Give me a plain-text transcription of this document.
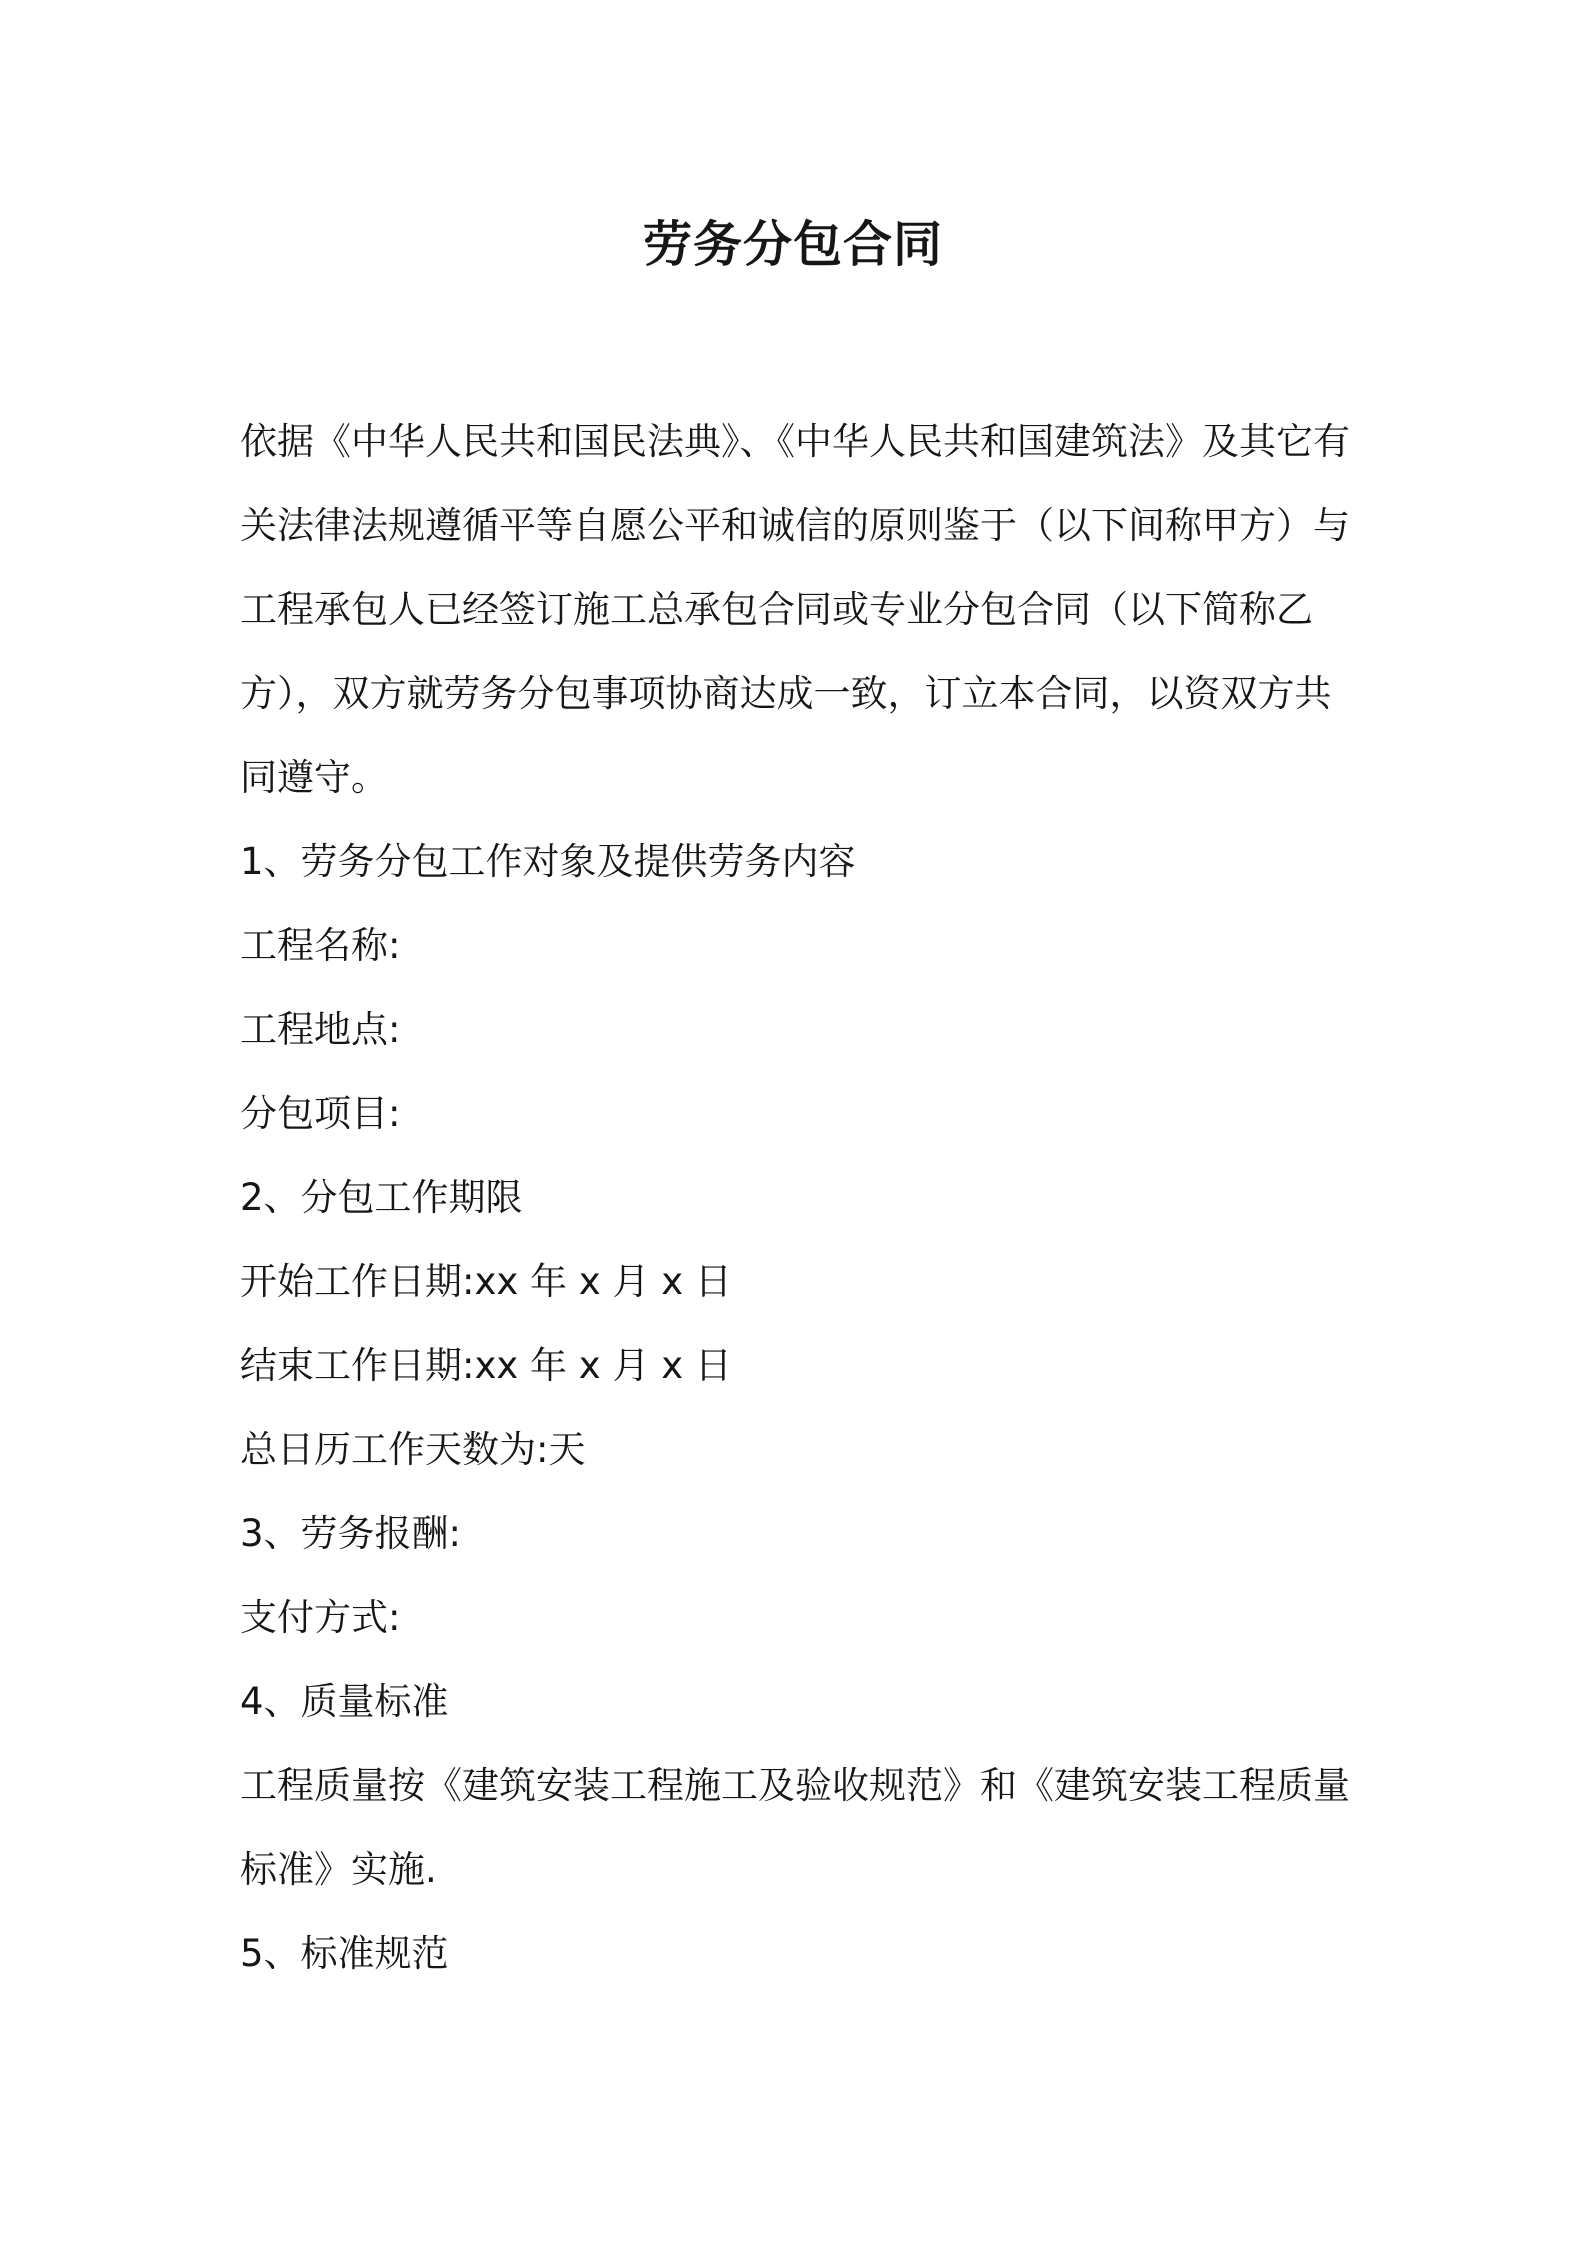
劳务分包合同

依据《中华人民共和国民法典》、《中华人民共和国建筑法》及其它有

关法律法规遵循平等自愿公平和诚信的原则鉴于（以下间称甲方）与

工程承包人已经签订施工总承包合同或专业分包合同（以下简称乙

方），双方就劳务分包事项协商达成一致，订立本合同，以资双方共

同遵守。

1、劳务分包工作对象及提供劳务内容

工程名称:

工程地点:

分包项目:

2、分包工作期限

开始工作日期:xx 年 x 月 x 日

结束工作日期:xx 年 x 月 x 日

总日历工作天数为:天

3、劳务报酬:

支付方式:

4、质量标准

工程质量按《建筑安装工程施工及验收规范》和《建筑安装工程质量

标准》实施.

5、标准规范
